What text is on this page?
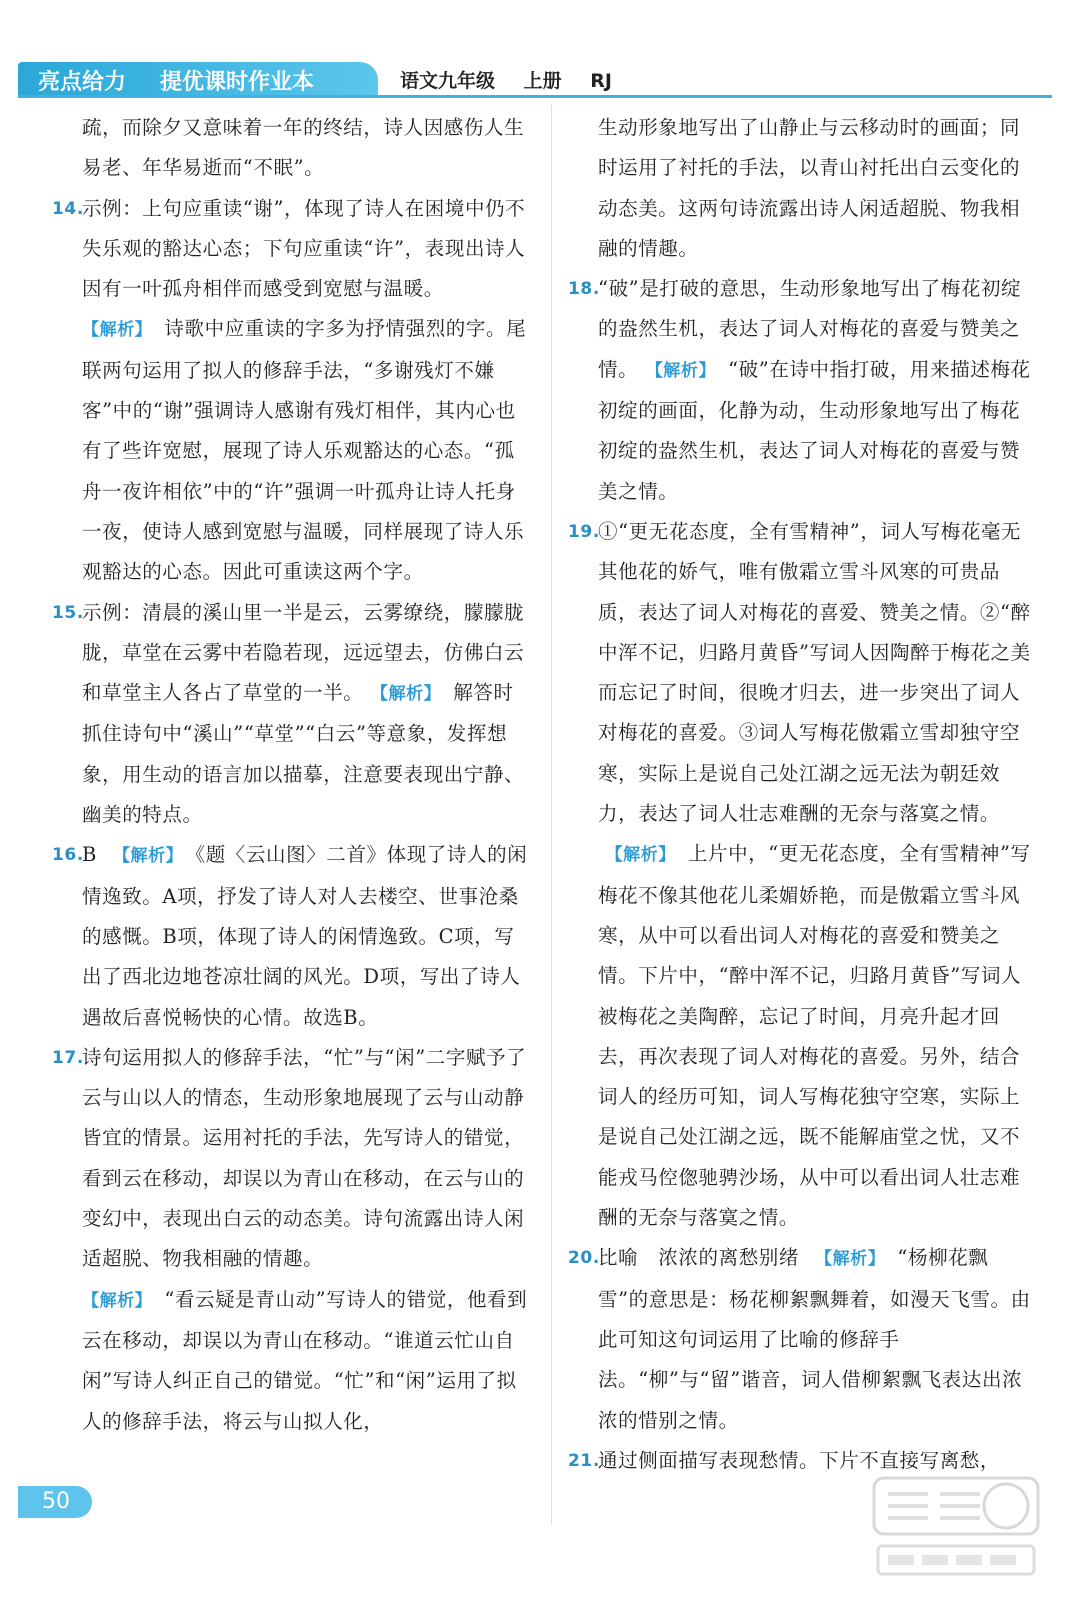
亮点给力 提优课时作业本	语文九年级 上册 RJ
疏，而除夕又意味着一年的终结，诗人因感伤人生易老、年华易逝而“不眠”。
14.
示例：上句应重读“谢”，体现了诗人在困境中仍不失乐观的豁达心态；下句应重读“许”，表现出诗人因有一叶孤舟相伴而感受到宽慰与温暖。
【解析】 诗歌中应重读的字多为抒情强烈的字。尾联两句运用了拟人的修辞手法，“多谢残灯不嫌客”中的“谢”强调诗人感谢有残灯相伴，其内心也有了些许宽慰，展现了诗人乐观豁达的心态。“孤舟一夜许相依”中的“许”强调一叶孤舟让诗人托身一夜，使诗人感到宽慰与温暖，同样展现了诗人乐观豁达的心态。因此可重读这两个字。
15.
示例：清晨的溪山里一半是云，云雾缭绕，朦朦胧胧，草堂在云雾中若隐若现，远远望去，仿佛白云和草堂主人各占了草堂的一半。 【解析】 解答时抓住诗句中“溪山”“草堂”“白云”等意象，发挥想象，用生动的语言加以描摹，注意要表现出宁静、幽美的特点。
16.
B 【解析】 《题〈云山图〉二首》体现了诗人的闲情逸致。A项，抒发了诗人对人去楼空、世事沧桑的感慨。B项，体现了诗人的闲情逸致。C项，写出了西北边地苍凉壮阔的风光。D项，写出了诗人遇故后喜悦畅快的心情。故选B。
17.
诗句运用拟人的修辞手法，“忙”与“闲”二字赋予了云与山以人的情态，生动形象地展现了云与山动静皆宜的情景。运用衬托的手法，先写诗人的错觉，看到云在移动，却误以为青山在移动，在云与山的变幻中，表现出白云的动态美。诗句流露出诗人闲适超脱、物我相融的情趣。
【解析】 “看云疑是青山动”写诗人的错觉，他看到云在移动，却误以为青山在移动。“谁道云忙山自闲”写诗人纠正自己的错觉。“忙”和“闲”运用了拟人的修辞手法，将云与山拟人化，
生动形象地写出了山静止与云移动时的画面；同时运用了衬托的手法，以青山衬托出白云变化的动态美。这两句诗流露出诗人闲适超脱、物我相融的情趣。
18.
“破”是打破的意思，生动形象地写出了梅花初绽的盎然生机，表达了词人对梅花的喜爱与赞美之情。 【解析】 “破”在诗中指打破，用来描述梅花初绽的画面，化静为动，生动形象地写出了梅花初绽的盎然生机，表达了词人对梅花的喜爱与赞美之情。
19.
①“更无花态度，全有雪精神”，词人写梅花毫无其他花的娇气，唯有傲霜立雪斗风寒的可贵品质，表达了词人对梅花的喜爱、赞美之情。②“醉中浑不记，归路月黄昏”写词人因陶醉于梅花之美而忘记了时间，很晚才归去，进一步突出了词人对梅花的喜爱。③词人写梅花傲霜立雪却独守空寒，实际上是说自己处江湖之远无法为朝廷效力，表达了词人壮志难酬的无奈与落寞之情。【解析】 上片中，“更无花态度，全有雪精神”写梅花不像其他花儿柔媚娇艳，而是傲霜立雪斗风寒，从中可以看出词人对梅花的喜爱和赞美之情。下片中，“醉中浑不记，归路月黄昏”写词人被梅花之美陶醉，忘记了时间，月亮升起才回去，再次表现了词人对梅花的喜爱。另外，结合词人的经历可知，词人写梅花独守空寒，实际上是说自己处江湖之远，既不能解庙堂之忧，又不能戎马倥偬驰骋沙场，从中可以看出词人壮志难酬的无奈与落寞之情。
20.
比喻　浓浓的离愁别绪 【解析】 “杨柳花飘雪”的意思是：杨花柳絮飘舞着，如漫天飞雪。由此可知这句词运用了比喻的修辞手法。“柳”与“留”谐音，词人借柳絮飘飞表达出浓浓的惜别之情。
21.
通过侧面描写表现愁情。下片不直接写离愁，
50
